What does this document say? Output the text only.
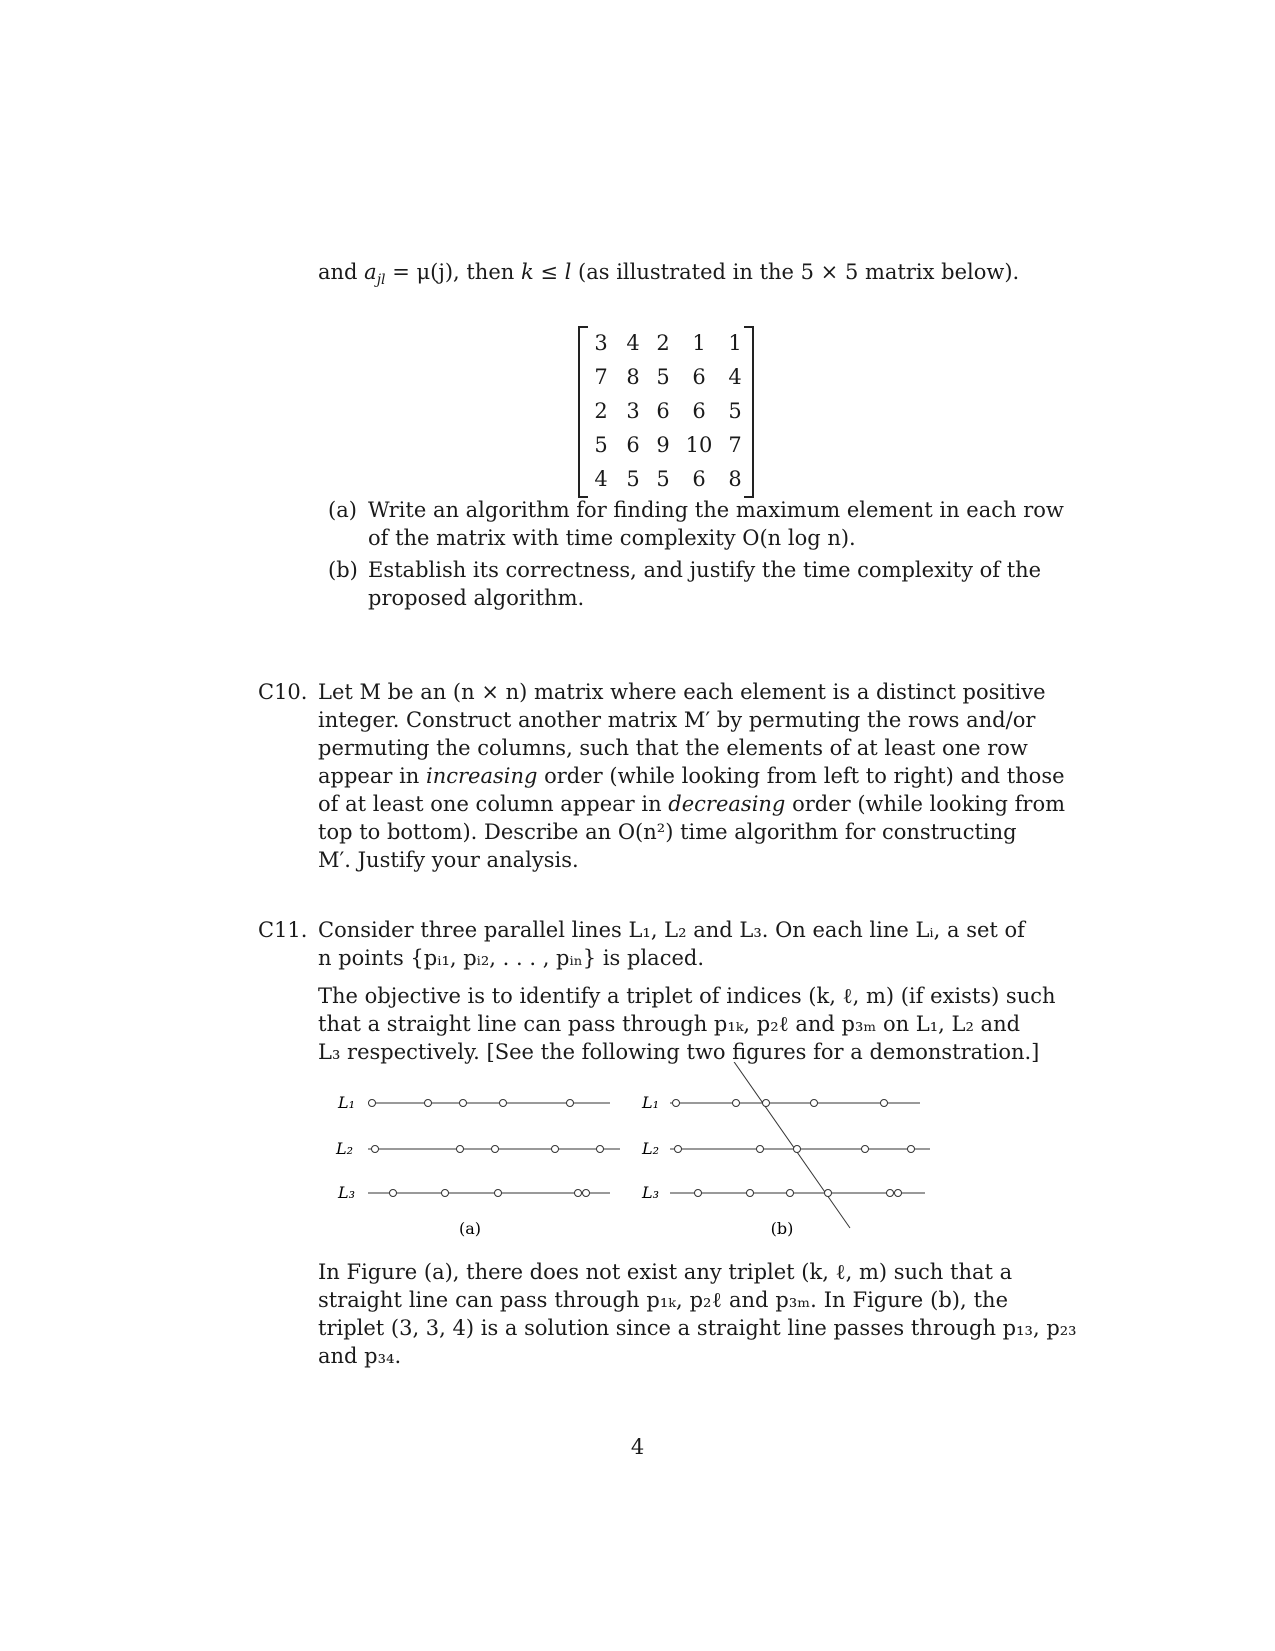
and $a_{jl} = \mu(j)$, then k ≤ l (as illustrated in the 5 × 5 matrix below).
3 4 2	1	1
7 8 5	6	4
2 3 6	6	5
5 6 9 10 7
4 5 5	6	8
(a) Write an algorithm for finding the maximum element in each row
of the matrix with time complexity O(n log n).
(b) Establish its correctness, and justify the time complexity of the
proposed algorithm.
C10. Let M be an (n × n) matrix where each element is a distinct positive
integer. Construct another matrix M′ by permuting the rows and/or
permuting the columns, such that the elements of at least one row
appear in increasing order (while looking from left to right) and those
of at least one column appear in decreasing order (while looking from
top to bottom). Describe an O(n²) time algorithm for constructing
M′. Justify your analysis.
C11. Consider three parallel lines L₁, L₂ and L₃. On each line Lᵢ, a set of
n points {pᵢ₁, pᵢ₂, . . . , pᵢₙ} is placed.
The objective is to identify a triplet of indices (k, ℓ, m) (if exists) such
that a straight line can pass through p₁ₖ, p₂ℓ and p₃ₘ on L₁, L₂ and
L₃ respectively. [See the following two figures for a demonstration.]
L₁
L₂
L₃
(a)
L₁
L₂
L₃
(b)
In Figure (a), there does not exist any triplet (k, ℓ, m) such that a
straight line can pass through p₁ₖ, p₂ℓ and p₃ₘ. In Figure (b), the
triplet (3, 3, 4) is a solution since a straight line passes through p₁₃, p₂₃
and p₃₄.
4
